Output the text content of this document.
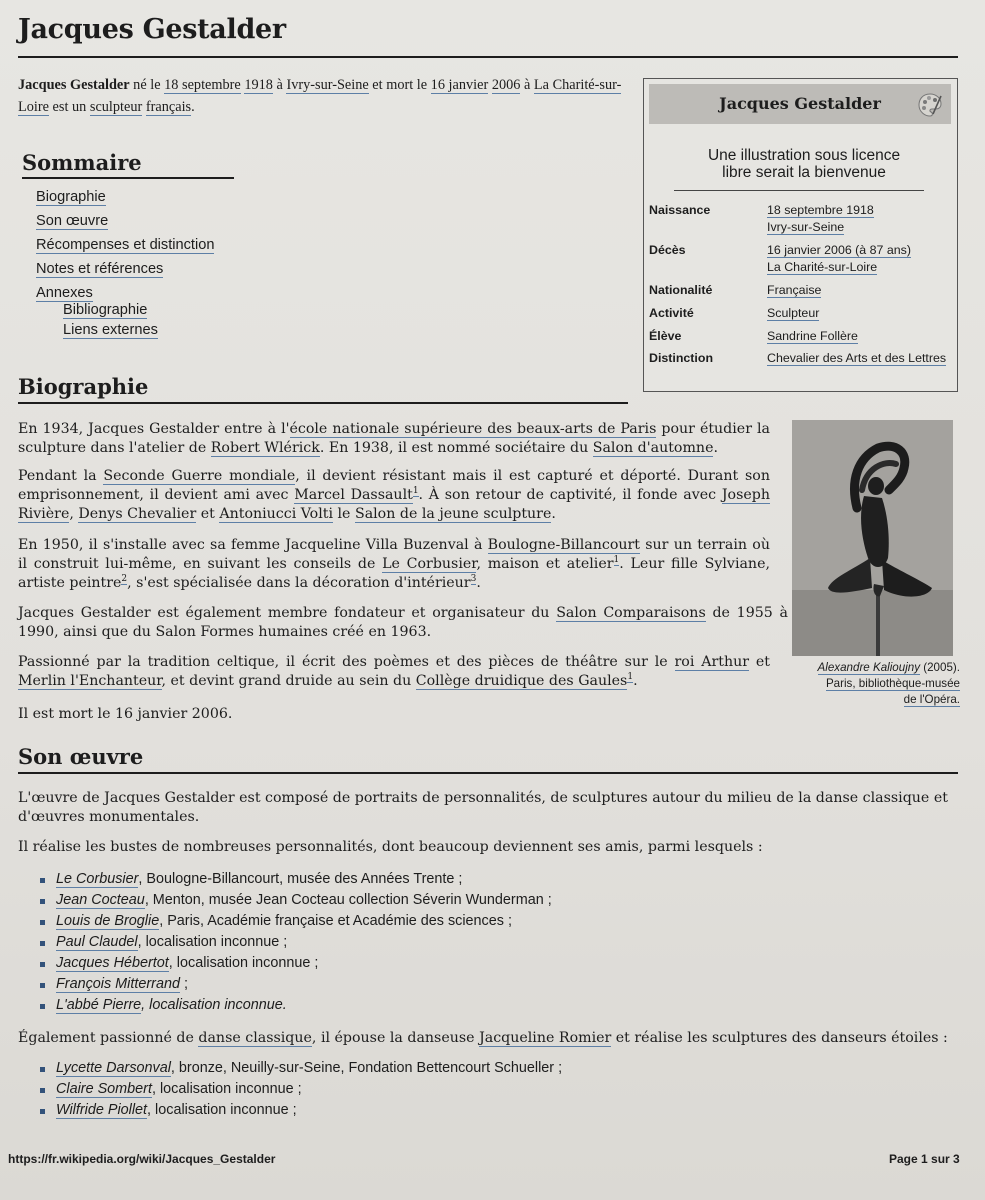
Jacques Gestalder
Jacques Gestalder né le 18 septembre 1918 à Ivry-sur-Seine et mort le 16 janvier 2006 à La Charité-sur-Loire est un sculpteur français.
Sommaire
Biographie
Son œuvre
Récompenses et distinction
Notes et références
Annexes
Bibliographie
Liens externes
Jacques Gestalder
Une illustration sous licence
libre serait la bienvenue
Naissance	18 septembre 1918
Ivry-sur-Seine
Décès	16 janvier 2006 (à 87 ans)
La Charité-sur-Loire
Nationalité	Française
Activité	Sculpteur
Élève	Sandrine Follère
Distinction	Chevalier des Arts et des Lettres
Biographie
En 1934, Jacques Gestalder entre à l'école nationale supérieure des beaux-arts de Paris pour étudier la sculpture dans l'atelier de Robert Wlérick. En 1938, il est nommé sociétaire du Salon d'automne.
Pendant la Seconde Guerre mondiale, il devient résistant mais il est capturé et déporté. Durant son emprisonnement, il devient ami avec Marcel Dassault$^1$. À son retour de captivité, il fonde avec Joseph Rivière, Denys Chevalier et Antoniucci Volti le Salon de la jeune sculpture.
En 1950, il s'installe avec sa femme Jacqueline Villa Buzenval à Boulogne-Billancourt sur un terrain où il construit lui-même, en suivant les conseils de Le Corbusier, maison et atelier$^1$. Leur fille Sylviane, artiste peintre$^2$, s'est spécialisée dans la décoration d'intérieur$^3$.
Jacques Gestalder est également membre fondateur et organisateur du Salon Comparaisons de 1955 à 1990, ainsi que du Salon Formes humaines créé en 1963.
Passionné par la tradition celtique, il écrit des poèmes et des pièces de théâtre sur le roi Arthur et Merlin l'Enchanteur, et devint grand druide au sein du Collège druidique des Gaules$^1$.
Il est mort le 16 janvier 2006.
Alexandre Kalioujny (2005).
Paris, bibliothèque-musée
de l'Opéra.
Son œuvre
L'œuvre de Jacques Gestalder est composé de portraits de personnalités, de sculptures autour du milieu de la danse classique et d'œuvres monumentales.
Il réalise les bustes de nombreuses personnalités, dont beaucoup deviennent ses amis, parmi lesquels :
Le Corbusier, Boulogne-Billancourt, musée des Années Trente ;
Jean Cocteau, Menton, musée Jean Cocteau collection Séverin Wunderman ;
Louis de Broglie, Paris, Académie française et Académie des sciences ;
Paul Claudel, localisation inconnue ;
Jacques Hébertot, localisation inconnue ;
François Mitterrand ;
L'abbé Pierre, localisation inconnue.
Également passionné de danse classique, il épouse la danseuse Jacqueline Romier et réalise les sculptures des danseurs étoiles :
Lycette Darsonval, bronze, Neuilly-sur-Seine, Fondation Bettencourt Schueller ;
Claire Sombert, localisation inconnue ;
Wilfride Piollet, localisation inconnue ;
https://fr.wikipedia.org/wiki/Jacques_Gestalder	Page 1 sur 3
